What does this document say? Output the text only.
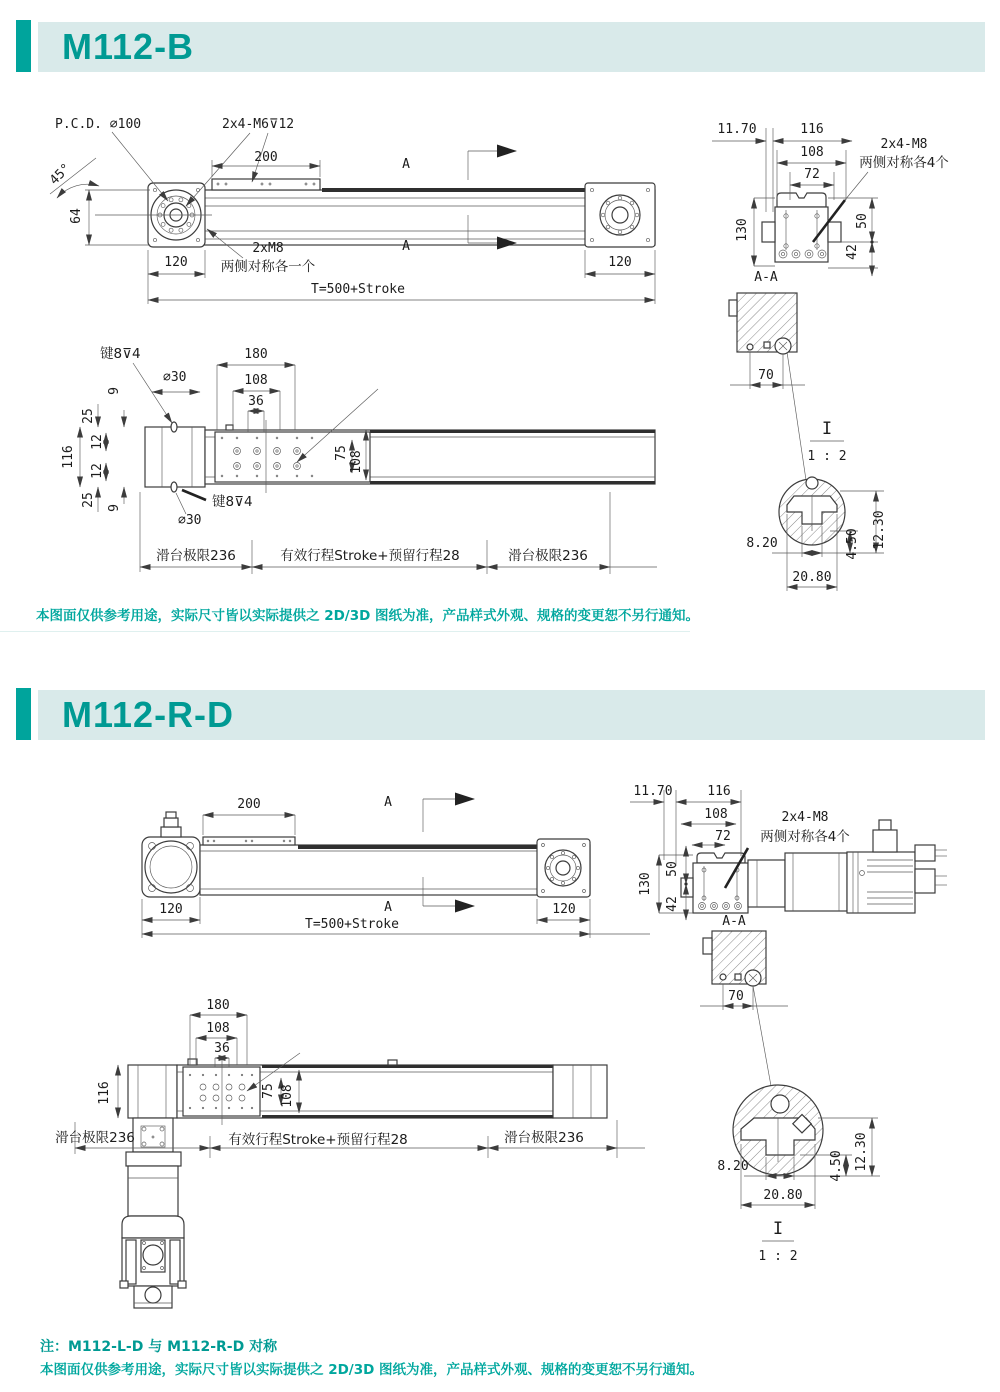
M112-B
本图面仅供参考用途，实际尺寸皆以实际提供之 2D/3D 图纸为准，产品样式外观、规格的变更恕不另行通知。
M112-R-D
注：M112-L-D 与 M112-R-D 对称
本图面仅供参考用途，实际尺寸皆以实际提供之 2D/3D 图纸为准，产品样式外观、规格的变更恕不另行通知。
P.C.D. ∅100	2x4-M6⊽12
200	A
A
45°
64
120
2xM8
两侧对称各一个
T=500+Stroke
120
116
11.70
108
72
2x4-M8
两侧对称各4个
130	50
42
A-A
70
I
1 : 2
8.20
20.80
4.50 12.30
180
108
36
键8⊽4
∅30
键8⊽4
∅30
116
25
25
12
12
9
9
75 108
滑台极限236	有效行程Stroke+预留行程28	滑台极限236
200	A
A
120	120
T=500+Stroke
11.70	116
108
72
2x4-M8
两侧对称各4个
130
50
42
A-A
70
8.20
20.80
4.50 12.30
I
1 : 2
180
108
36
116	75 108
滑台极限236	有效行程Stroke+预留行程28	滑台极限236
